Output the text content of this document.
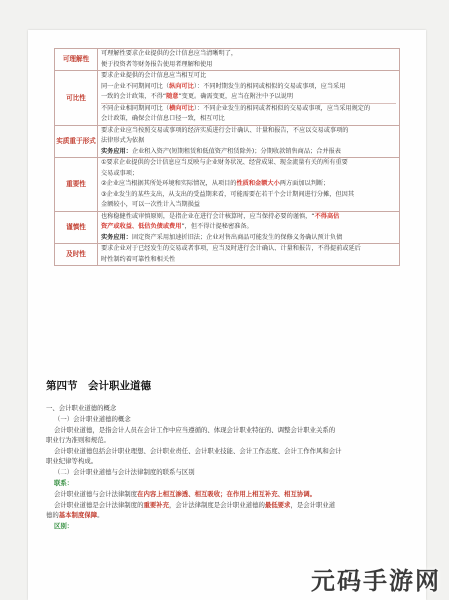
可理解性	可理解性要求企业提供的会计信息应当清晰明了，
便于投资者等财务报告使用者理解和使用

可比性	要求企业提供的会计信息应当相互可比
同一企业不同期间可比（纵向可比）：不同时期发生的相同或相似的交易或事项，应当采用
一致的会计政策，不得“随意”变更。确需变更，应当在附注中予以说明
不同企业相同期间可比（横向可比）：不同企业发生的相同或者相似的交易或事项，应当采用规定的
会计政策，确保会计信息口径一致，相互可比

实质重于形式	要求企业应当按照交易或事项的经济实质进行会计确认、计量和报告，不应以交易或事项的
法律形式为依据
实务应用：企业租入资产(短期租赁和低值资产租赁除外)；分期收款销售商品；合并报表

重要性	①要求企业提供的会计信息应当反映与企业财务状况、经营成果、现金流量有关的所有重要
交易或事项；
②企业应当根据其所处环境和实际情况，从项目的性质和金额大小两方面加以判断；
③企业发生的某些支出，从支出的受益期来看，可能需要在若干个会计期间进行分摊，但因其
金额较小，可以一次性计入当期损益

谨慎性	也称稳健性或审慎原则，是指企业在进行会计核算时，应当保持必要的谨慎，“不得高估
资产或收益、低估负债或费用”，但不得计提秘密准备。
实务应用：固定资产采用加速折旧法；企业对售出商品可能发生的保修义务确认预计负债

及时性	要求企业对于已经发生的交易或者事项，应当及时进行会计确认、计量和报告，不得提前或延后
时性制约着可靠性和相关性
第四节　会计职业道德
一、会计职业道德的概念
（一）会计职业道德的概念
会计职业道德，是指会计人员在会计工作中应当遵循的、体现会计职业特征的、调整会计职业关系的
职业行为准则和规范。
会计职业道德包括会计职业理想、会计职业责任、会计职业技能、会计工作态度、会计工作作风和会计
职业纪律等构成。
（二）会计职业道德与会计法律制度的联系与区别
联系：
会计职业道德与会计法律制度在内容上相互渗透、相互吸收；在作用上相互补充、相互协调。
会计职业道德是会计法律制度的重要补充，会计法律制度是会计职业道德的最低要求，是会计职业道
德的基本制度保障。
区别：
元码手游网
